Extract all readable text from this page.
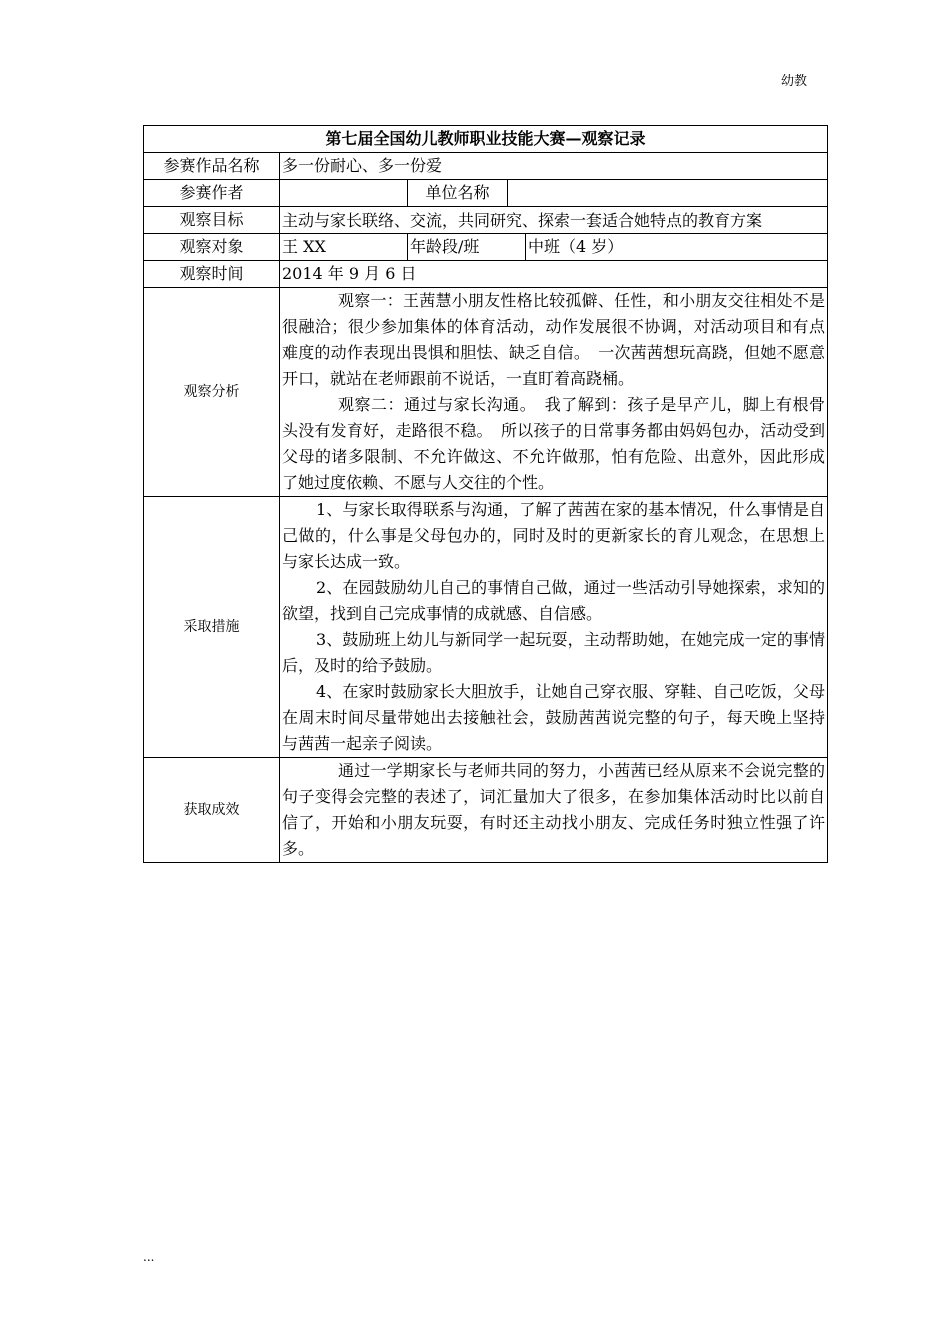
幼教
第七届全国幼儿教师职业技能大赛—观察记录				
参赛作品名称	多一份耐心、多一份爱			
参赛作者		单位名称		
观察目标	主动与家长联络、交流，共同研究、探索一套适合她特点的教育方案			
观察对象	王 XX	年龄段/班		中班（4 岁）
观察时间	2014 年 9 月 6 日			
观察分析	观察一：王茜慧小朋友性格比较孤僻、任性，和小朋友交往相处不是很融洽；很少参加集体的体育活动，动作发展很不协调，对活动项目和有点难度的动作表现出畏惧和胆怯、缺乏自信。　一次茜茜想玩高跷，但她不愿意开口，就站在老师跟前不说话，一直盯着高跷桶。

观察二：通过与家长沟通。　我了解到：孩子是早产儿，脚上有根骨头没有发育好，走路很不稳。　所以孩子的日常事务都由妈妈包办，活动受到父母的诸多限制、不允许做这、不允许做那，怕有危险、出意外，因此形成了她过度依赖、不愿与人交往的个性。			

采取措施	1、与家长取得联系与沟通，了解了茜茜在家的基本情况，什么事情是自己做的，什么事是父母包办的，同时及时的更新家长的育儿观念，在思想上与家长达成一致。

2、在园鼓励幼儿自己的事情自己做，通过一些活动引导她探索，求知的欲望，找到自己完成事情的成就感、自信感。

3、鼓励班上幼儿与新同学一起玩耍，主动帮助她，在她完成一定的事情后，及时的给予鼓励。

4、在家时鼓励家长大胆放手，让她自己穿衣服、穿鞋、自己吃饭，父母在周末时间尽量带她出去接触社会，鼓励茜茜说完整的句子，每天晚上坚持与茜茜一起亲子阅读。			

获取成效	通过一学期家长与老师共同的努力，小茜茜已经从原来不会说完整的句子变得会完整的表述了，词汇量加大了很多，在参加集体活动时比以前自信了，开始和小朋友玩耍，有时还主动找小朋友、完成任务时独立性强了许多。			

...
